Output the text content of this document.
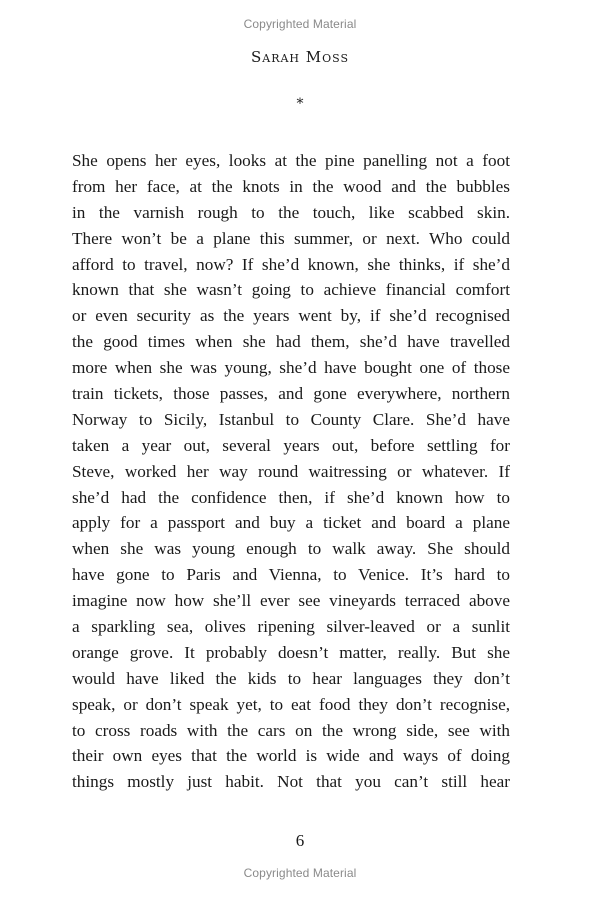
Copyrighted Material
Sarah Moss
*
She opens her eyes, looks at the pine panelling not a foot
from her face, at the knots in the wood and the bubbles
in the varnish rough to the touch, like scabbed skin.
There won’t be a plane this summer, or next. Who could
afford to travel, now? If she’d known, she thinks, if she’d
known that she wasn’t going to achieve financial comfort
or even security as the years went by, if she’d recognised
the good times when she had them, she’d have travelled
more when she was young, she’d have bought one of those
train tickets, those passes, and gone everywhere, northern
Norway to Sicily, Istanbul to County Clare. She’d have
taken a year out, several years out, before settling for
Steve, worked her way round waitressing or whatever. If
she’d had the confidence then, if she’d known how to
apply for a passport and buy a ticket and board a plane
when she was young enough to walk away. She should
have gone to Paris and Vienna, to Venice. It’s hard to
imagine now how she’ll ever see vineyards terraced above
a sparkling sea, olives ripening silver-leaved or a sunlit
orange grove. It probably doesn’t matter, really. But she
would have liked the kids to hear languages they don’t
speak, or don’t speak yet, to eat food they don’t recognise,
to cross roads with the cars on the wrong side, see with
their own eyes that the world is wide and ways of doing
things mostly just habit. Not that you can’t still hear
6
Copyrighted Material
